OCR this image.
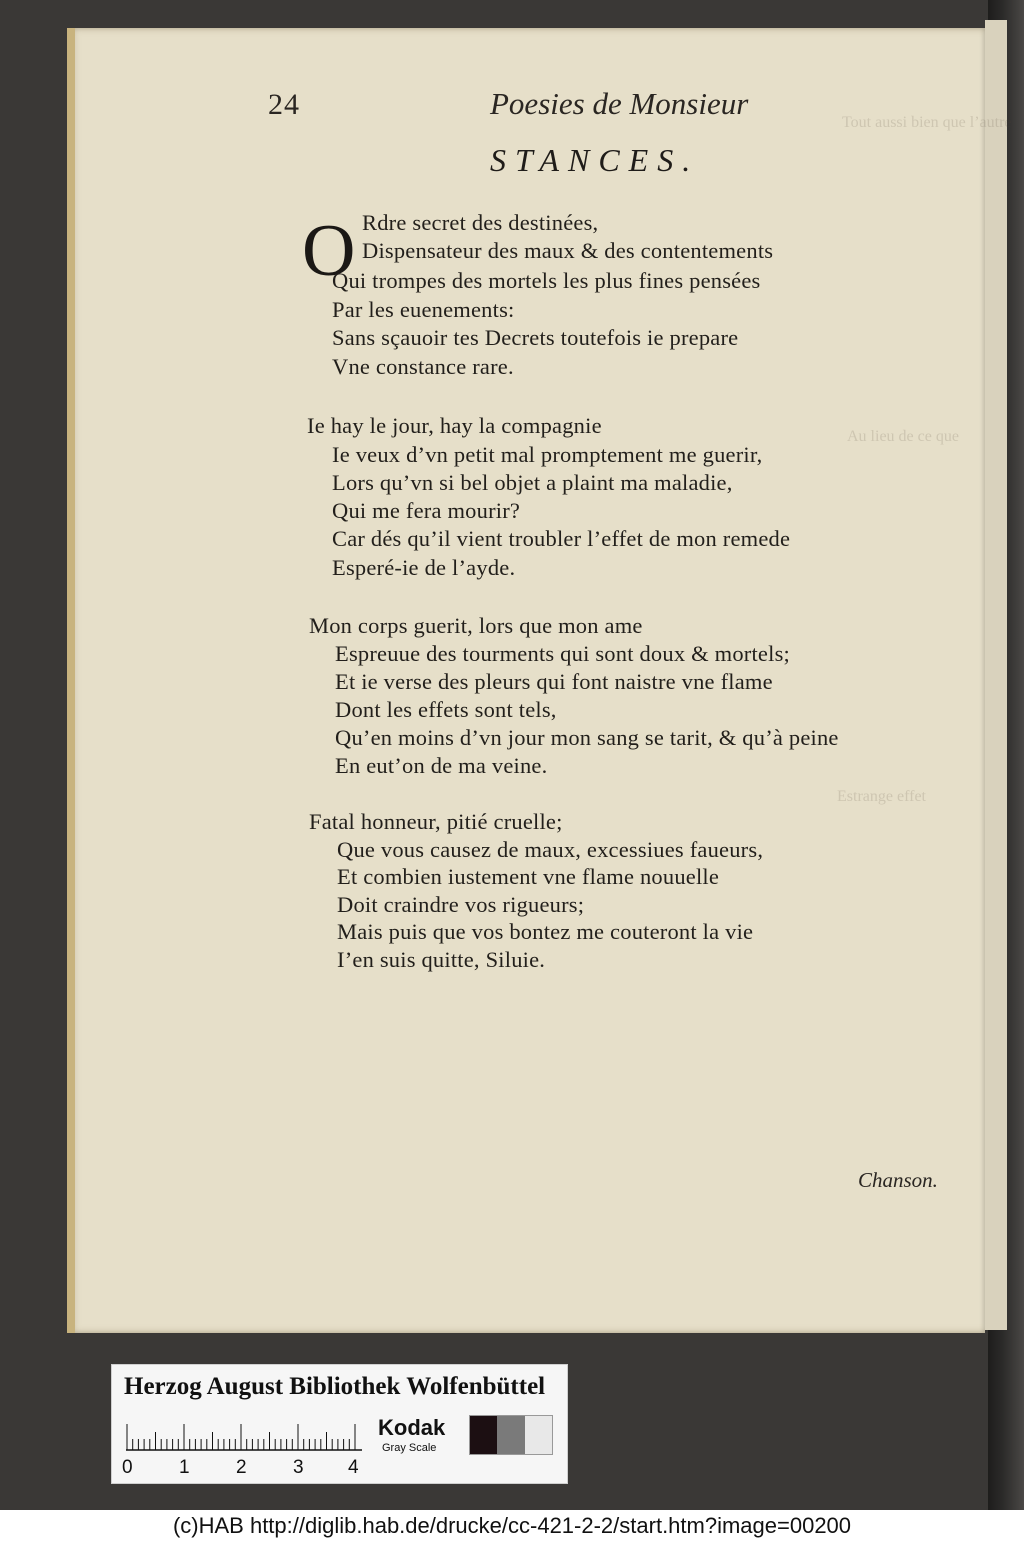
Tout aussi bien que l’autre
Au lieu de ce que
Estrange effet
24	Poesies de Monsieur
STANCES.
O Rdre secret des destinées,
Dispensateur des maux & des contentements
Qui trompes des mortels les plus fines pensées
Par les euenements:
Sans sçauoir tes Decrets toutefois ie prepare
Vne constance rare.
Ie hay le jour, hay la compagnie
Ie veux d’vn petit mal promptement me guerir,
Lors qu’vn si bel objet a plaint ma maladie,
Qui me fera mourir?
Car dés qu’il vient troubler l’effet de mon remede
Esperé-ie de l’ayde.
Mon corps guerit, lors que mon ame
Espreuue des tourments qui sont doux & mortels;
Et ie verse des pleurs qui font naistre vne flame
Dont les effets sont tels,
Qu’en moins d’vn jour mon sang se tarit, & qu’à peine
En eut’on de ma veine.
Fatal honneur, pitié cruelle;
Que vous causez de maux, excessiues faueurs,
Et combien iustement vne flame nouuelle
Doit craindre vos rigueurs;
Mais puis que vos bontez me couteront la vie
I’en suis quitte, Siluie.
Chanson.
Herzog August Bibliothek Wolfenbüttel
0 1 2 3 4
Kodak
Gray Scale
(c)HAB http://diglib.hab.de/drucke/cc-421-2-2/start.htm?image=00200
